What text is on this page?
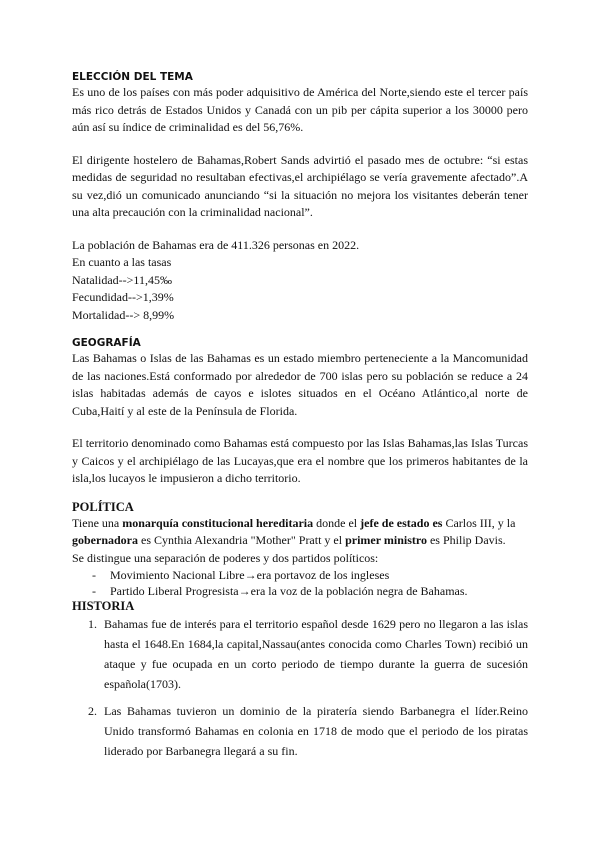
ELECCIÓN DEL TEMA

Es uno de los países con más poder adquisitivo de América del Norte,siendo este el tercer país más rico detrás de Estados Unidos y Canadá con un pib per cápita superior a los 30000 pero aún así su índice de criminalidad es del 56,76%.

El dirigente hostelero de Bahamas,Robert Sands advirtió el pasado mes de octubre: “si estas medidas de seguridad no resultaban efectivas,el archipiélago se vería gravemente afectado”.A su vez,dió un comunicado anunciando “si la situación no mejora los visitantes deberán tener una alta precaución con la criminalidad nacional”.

La población de Bahamas era de 411.326 personas en 2022.

En cuanto a las tasas

Natalidad-->11,45‰

Fecundidad-->1,39%

Mortalidad--> 8,99%

GEOGRAFÍA

Las Bahamas o Islas de las Bahamas es un estado miembro perteneciente a la Mancomunidad de las naciones.Está conformado por alrededor de 700 islas pero su población se reduce a 24 islas habitadas además de cayos e islotes situados en el Océano Atlántico,al norte de Cuba,Haití y al este de la Península de Florida.

El territorio denominado como Bahamas está compuesto por las Islas Bahamas,las Islas Turcas y Caicos y el archipiélago de las Lucayas,que era el nombre que los primeros habitantes de la isla,los lucayos le impusieron a dicho territorio.

POLÍTICA

Tiene una monarquía constitucional hereditaria donde el jefe de estado es Carlos III, y la gobernadora es Cynthia Alexandria "Mother" Pratt y el primer ministro es Philip Davis.

Se distingue una separación de poderes y dos partidos políticos:

- Movimiento Nacional Libre→era portavoz de los ingleses
- Partido Liberal Progresista→era la voz de la población negra de Bahamas.
HISTORIA
1. Bahamas fue de interés para el territorio español desde 1629 pero no llegaron a las islas hasta el 1648.En 1684,la capital,Nassau(antes conocida como Charles Town) recibió un ataque y fue ocupada en un corto periodo de tiempo durante la guerra de sucesión española(1703).
2. Las Bahamas tuvieron un dominio de la piratería siendo Barbanegra el líder.Reino Unido transformó Bahamas en colonia en 1718 de modo que el periodo de los piratas liderado por Barbanegra llegará a su fin.
